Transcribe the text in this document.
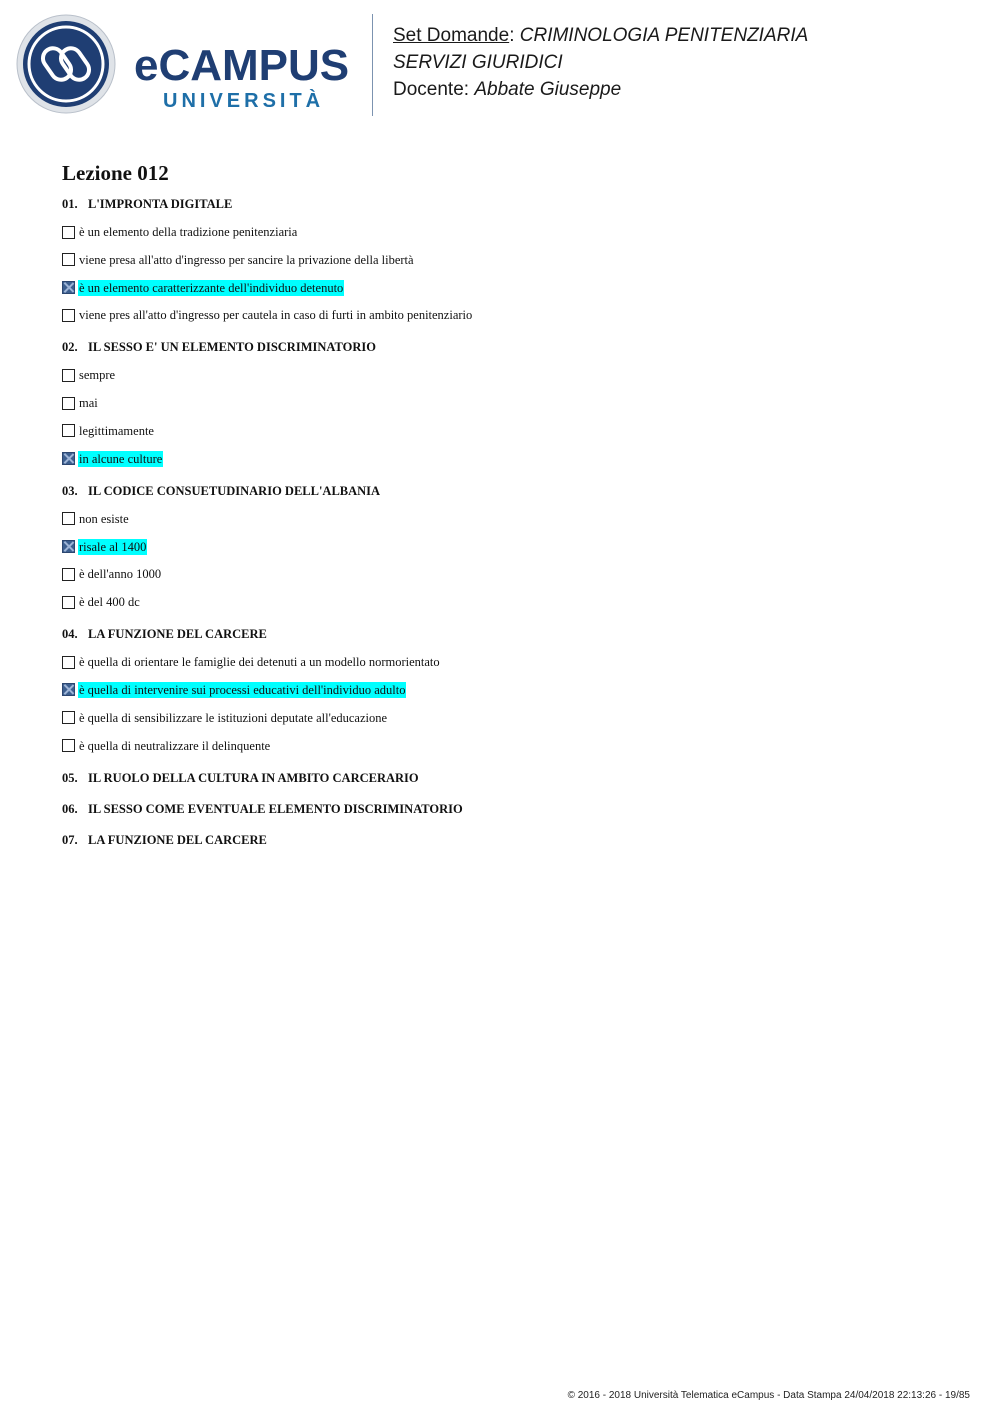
eCAMPUS
UNIVERSITÀ
Set Domande: CRIMINOLOGIA PENITENZIARIA
SERVIZI GIURIDICI
Docente: Abbate Giuseppe
Lezione 012
01. L'IMPRONTA DIGITALE
è un elemento della tradizione penitenziaria
viene presa all'atto d'ingresso per sancire la privazione della libertà
è un elemento caratterizzante dell'individuo detenuto
viene pres all'atto d'ingresso per cautela in caso di furti in ambito penitenziario
02. IL SESSO E' UN ELEMENTO DISCRIMINATORIO
sempre
mai
legittimamente
in alcune culture
03. IL CODICE CONSUETUDINARIO DELL'ALBANIA
non esiste
risale al 1400
è dell'anno 1000
è del 400 dc
04. LA FUNZIONE DEL CARCERE
è quella di orientare le famiglie dei detenuti a un modello normorientato
è quella di intervenire sui processi educativi dell'individuo adulto
è quella di sensibilizzare le istituzioni deputate all'educazione
è quella di neutralizzare il delinquente
05. IL RUOLO DELLA CULTURA IN AMBITO CARCERARIO
06. IL SESSO COME EVENTUALE ELEMENTO DISCRIMINATORIO
07. LA FUNZIONE DEL CARCERE
© 2016 - 2018 Università Telematica eCampus - Data Stampa 24/04/2018 22:13:26 - 19/85
